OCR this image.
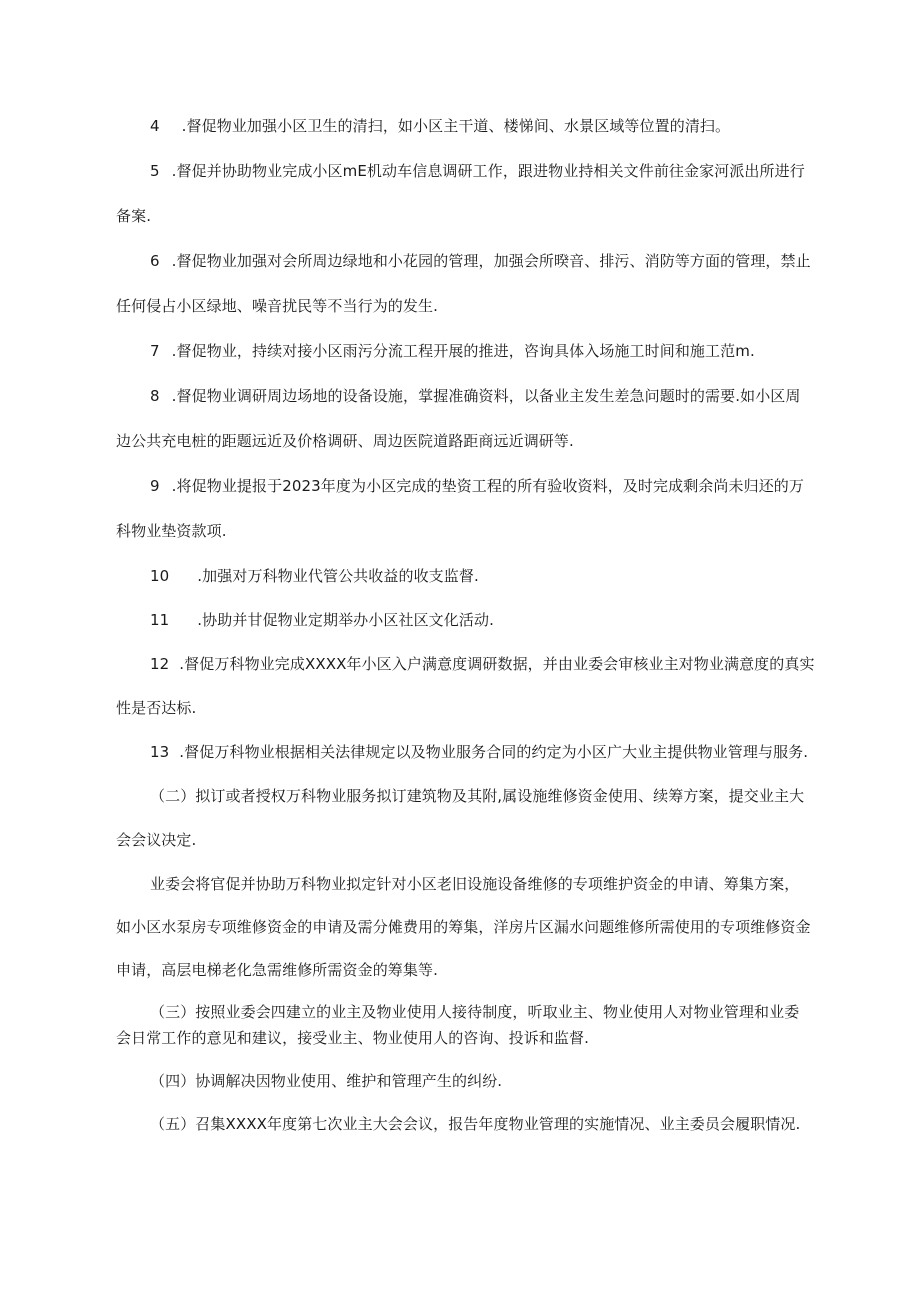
4 .督促物业加强小区卫生的清扫，如小区主干道、楼悌间、水景区域等位置的清扫。
5 .督促并协助物业完成小区mE机动车信息调研工作，跟进物业持相关文件前往金家河派出所进行
备案.
6 .督促物业加强对会所周边绿地和小花园的管理，加强会所暌音、排污、消防等方面的管理，禁止
任何侵占小区绿地、噪音扰民等不当行为的发生.
7 .督促物业，持续对接小区雨污分流工程开展的推进，咨询具体入场施工时间和施工范m.
8 .督促物业调研周边场地的设备设施，掌握准确资料，以备业主发生差急问题时的需要.如小区周
边公共充电桩的距题远近及价格调研、周边医院道路距商远近调研等.
9 .将促物业提报于2023年度为小区完成的垫资工程的所有验收资料，及时完成剩余尚未归还的万
科物业垫资款项.
10 .加强对万科物业代管公共收益的收支监督.
11 .协助并甘促物业定期举办小区社区文化活动.
12 .督促万科物业完成XXXX年小区入户满意度调研数据，并由业委会审核业主对物业满意度的真实
性是否达标.
13 .督促万科物业根据相关法律规定以及物业服务合同的约定为小区广大业主提供物业管理与服务.
（二）拟订或者授权万科物业服务拟订建筑物及其附,属设施维修资金使用、续筹方案，提交业主大
会会议决定.
业委会将官促并协助万科物业拟定针对小区老旧设施设备维修的专项维护资金的申请、筹集方案，
如小区水泵房专项维修资金的申请及需分傩费用的筹集，洋房片区漏水问题维修所需使用的专项维修资金
申请，高层电梯老化急需维修所需资金的筹集等.
（三）按照业委会四建立的业主及物业使用人接待制度，听取业主、物业使用人对物业管理和业委
会日常工作的意见和建议，接受业主、物业使用人的咨询、投诉和监督.
（四）协调解决因物业使用、维护和管理产生的纠纷.
（五）召集XXXX年度第七次业主大会会议，报告年度物业管理的实施情况、业主委员会履职情况.
